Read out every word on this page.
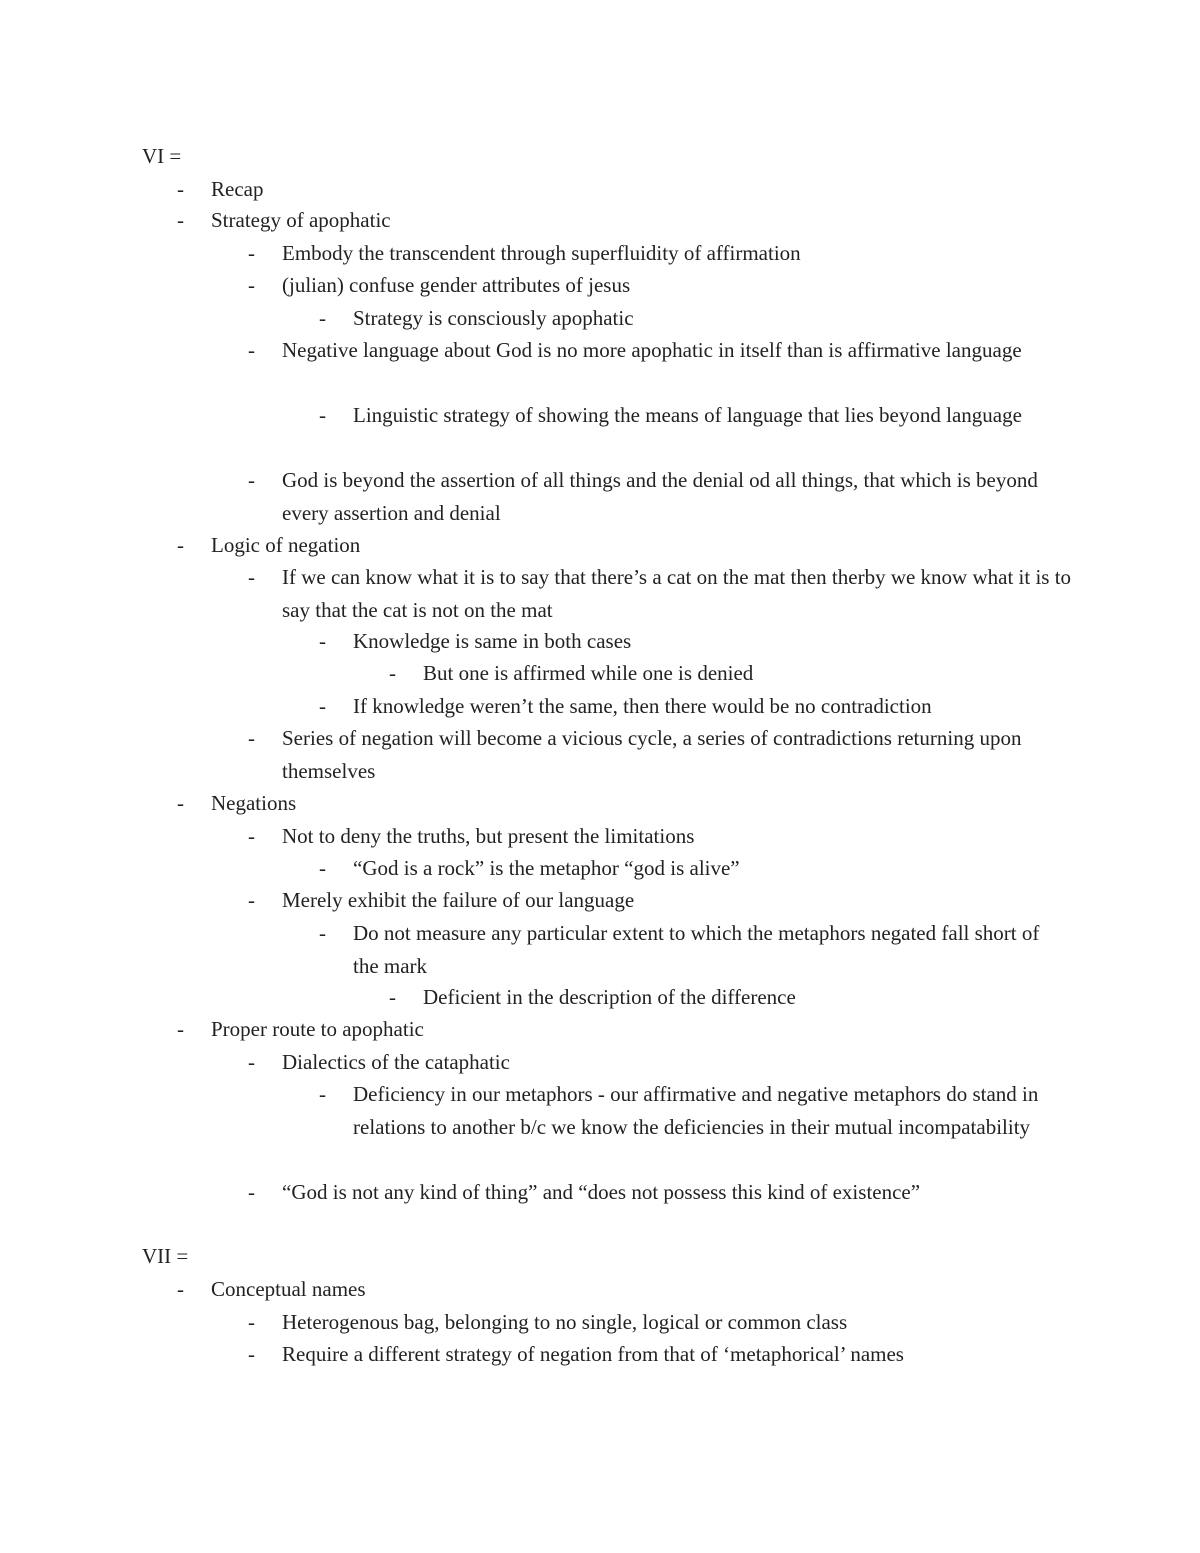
VI =
-	Recap
-	Strategy of apophatic
-	Embody the transcendent through superfluidity of affirmation
-	(julian) confuse gender attributes of jesus
-	Strategy is consciously apophatic
-	Negative language about God is no more apophatic in itself than is affirmative language
-	Linguistic strategy of showing the means of language that lies beyond language
-	God is beyond the assertion of all things and the denial od all things, that which is beyond every assertion and denial
-	Logic of negation
-	If we can know what it is to say that there’s a cat on the mat then therby we know what it is to say that the cat is not on the mat
-	Knowledge is same in both cases
-	But one is affirmed while one is denied
-	If knowledge weren’t the same, then there would be no contradiction
-	Series of negation will become a vicious cycle, a series of contradictions returning upon themselves
-	Negations
-	Not to deny the truths, but present the limitations
-	“God is a rock” is the metaphor “god is alive”
-	Merely exhibit the failure of our language
-	Do not measure any particular extent to which the metaphors negated fall short of the mark
-	Deficient in the description of the difference
-	Proper route to apophatic
-	Dialectics of the cataphatic
-	Deficiency in our metaphors - our affirmative and negative metaphors do stand in relations to another b/c we know the deficiencies in their mutual incompatability
-	“God is not any kind of thing” and “does not possess this kind of existence”
VII =
-	Conceptual names
-	Heterogenous bag, belonging to no single, logical or common class
-	Require a different strategy of negation from that of ‘metaphorical’ names
